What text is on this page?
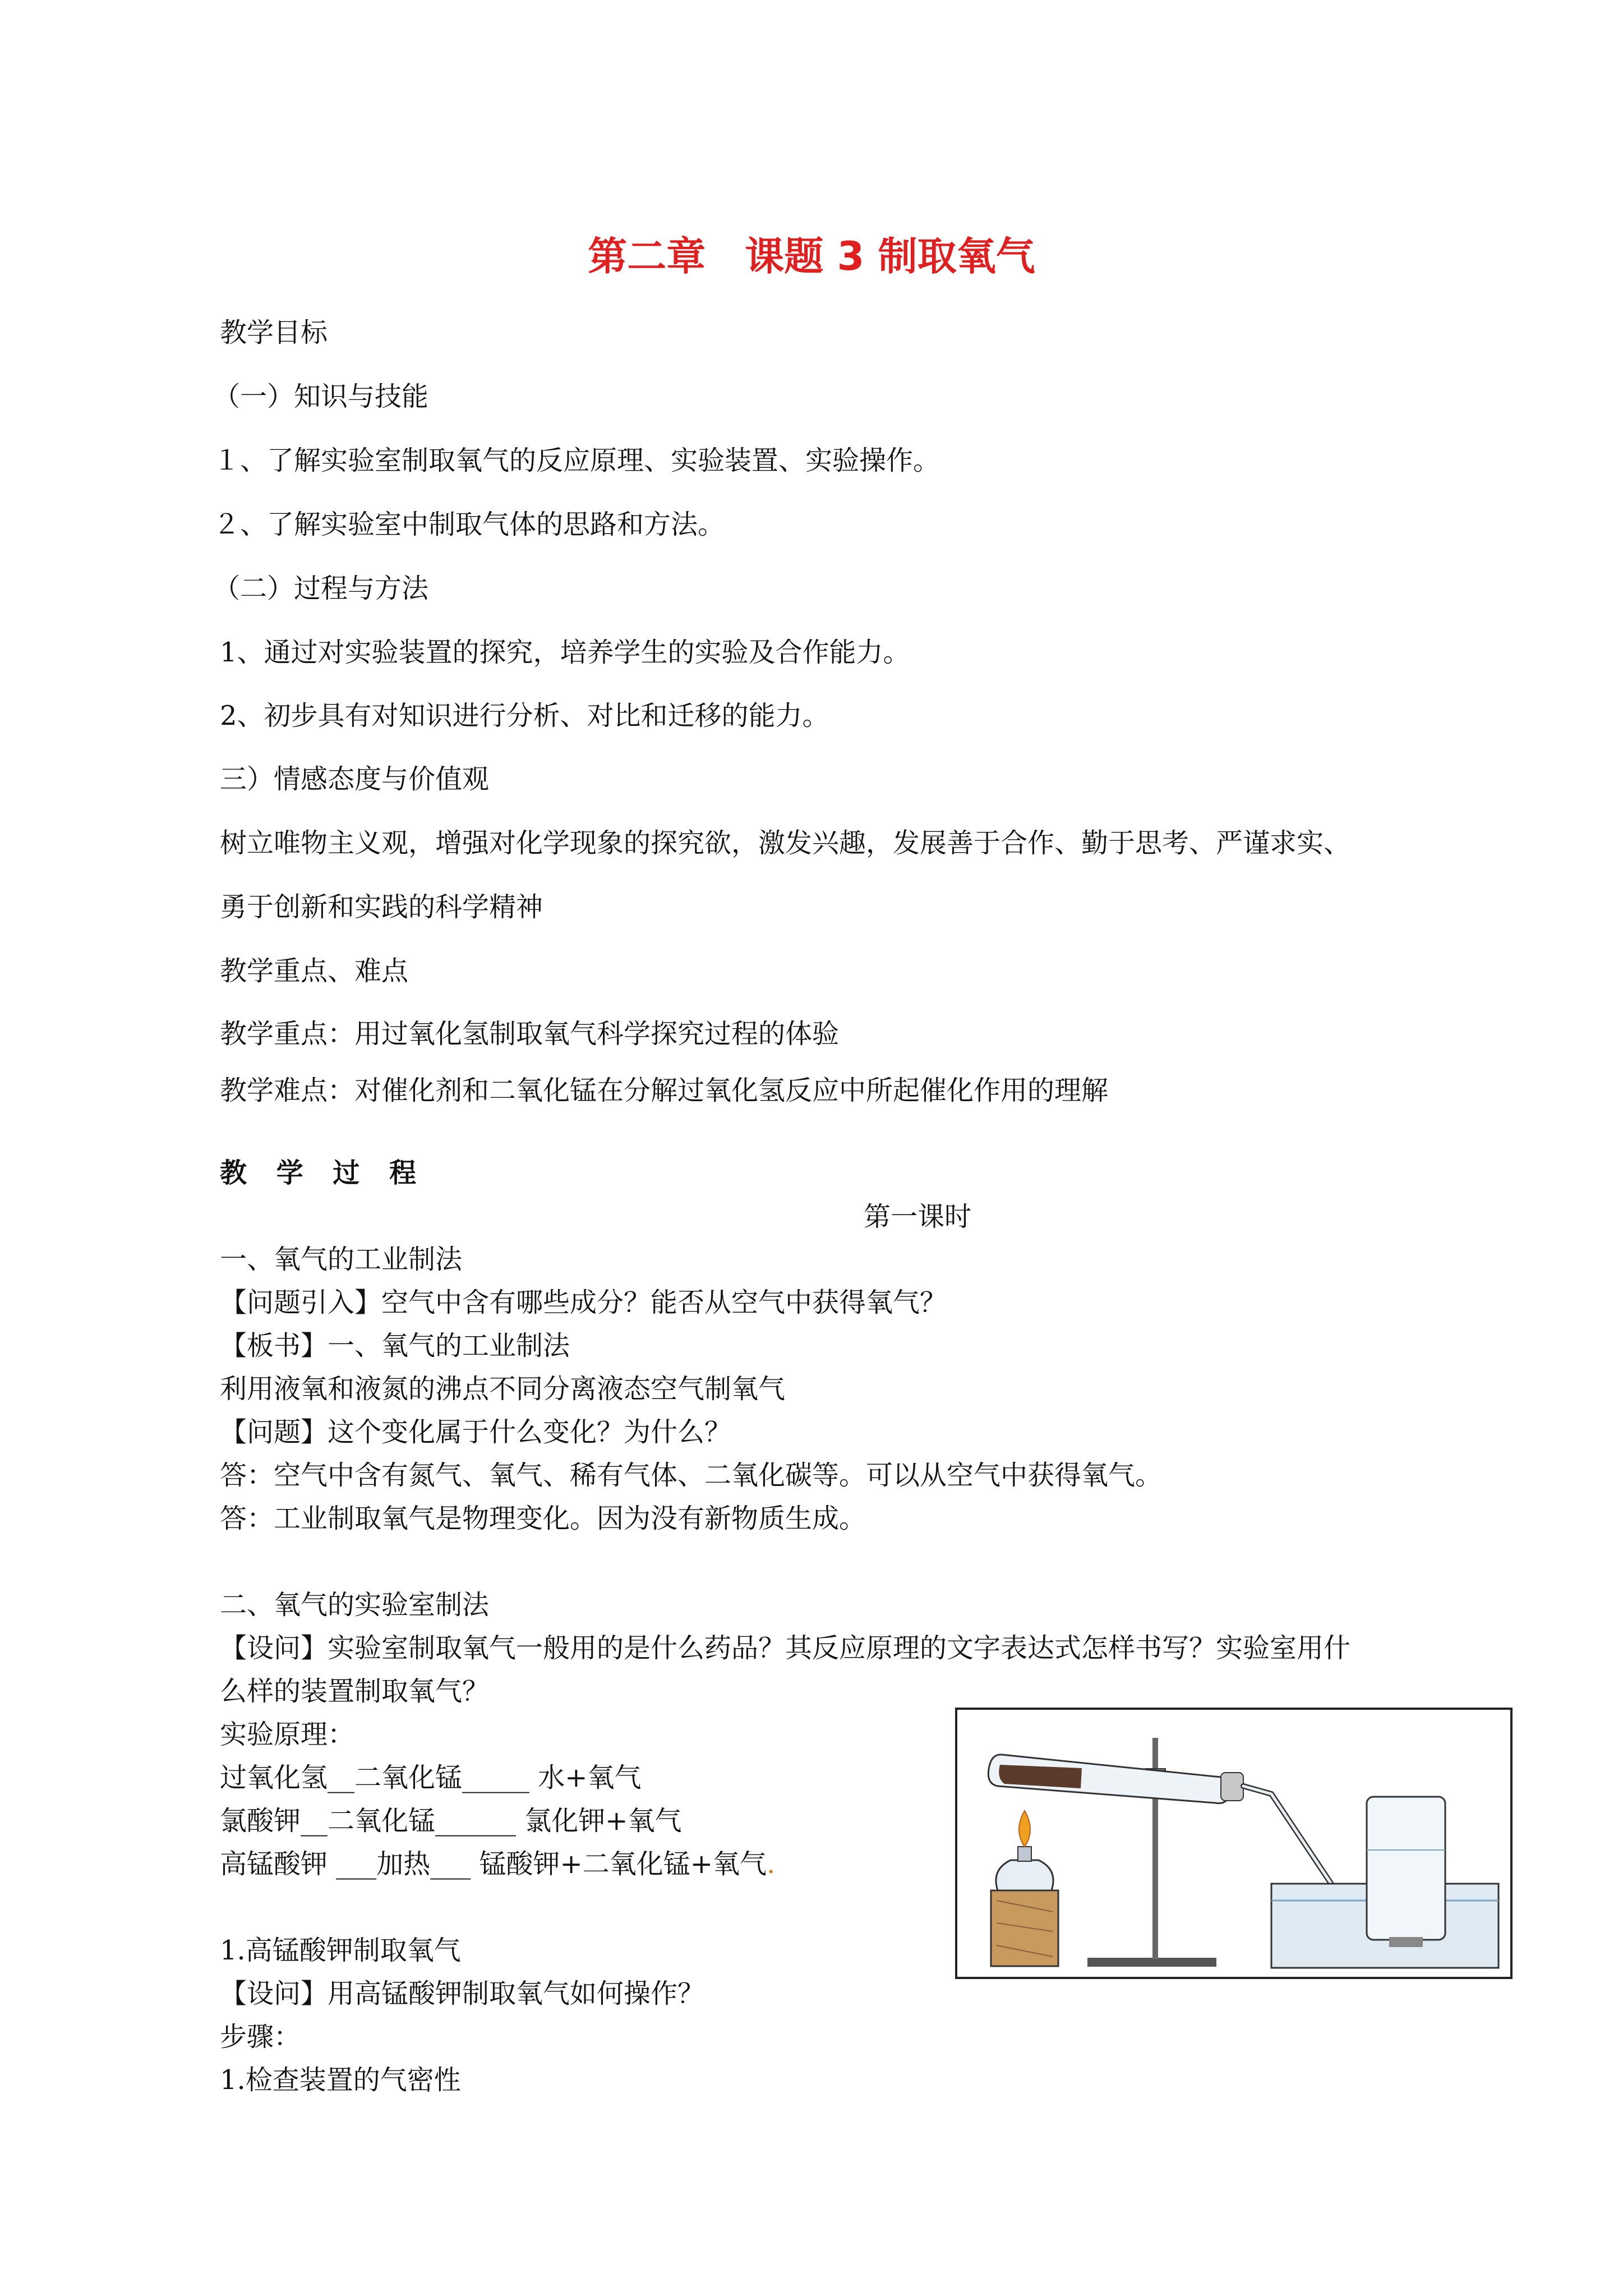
第二章　课题 3 制取氧气

教学目标

（一）知识与技能

１、了解实验室制取氧气的反应原理、实验装置、实验操作。

２、了解实验室中制取气体的思路和方法。

（二）过程与方法

1、通过对实验装置的探究，培养学生的实验及合作能力。

2、初步具有对知识进行分析、对比和迁移的能力。

三）情感态度与价值观

树立唯物主义观，增强对化学现象的探究欲，激发兴趣，发展善于合作、勤于思考、严谨求实、

勇于创新和实践的科学精神

教学重点、难点

教学重点：用过氧化氢制取氧气科学探究过程的体验

教学难点：对催化剂和二氧化锰在分解过氧化氢反应中所起催化作用的理解

教 学 过 程

第一课时

一、氧气的工业制法

【问题引入】空气中含有哪些成分？能否从空气中获得氧气？

【板书】一、氧气的工业制法

利用液氧和液氮的沸点不同分离液态空气制氧气

【问题】这个变化属于什么变化？为什么？

答：空气中含有氮气、氧气、稀有气体、二氧化碳等。可以从空气中获得氧气。

答：工业制取氧气是物理变化。因为没有新物质生成。

二、氧气的实验室制法

【设问】实验室制取氧气一般用的是什么药品？其反应原理的文字表达式怎样书写？实验室用什

么样的装置制取氧气？

实验原理：

过氧化氢__二氧化锰_____ 水+氧气

氯酸钾__二氧化锰______ 氯化钾+氧气

高锰酸钾 ___加热___ 锰酸钾+二氧化锰+氧气.

1.高锰酸钾制取氧气

【设问】用高锰酸钾制取氧气如何操作？

步骤：

1.检查装置的气密性
